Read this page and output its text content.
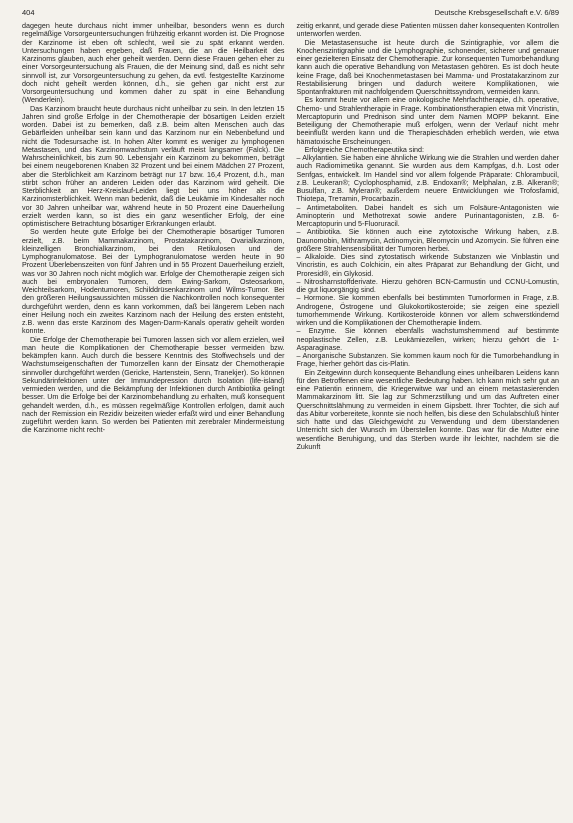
404	Deutsche Krebsgesellschaft e.V. 6/89

dagegen heute durchaus nicht immer unheilbar, besonders wenn es durch regelmäßige Vorsorgeuntersuchungen frühzeitig erkannt worden ist. Die Prognose der Karzinome ist eben oft schlecht, weil sie zu spät erkannt werden. Untersuchungen haben ergeben, daß Frauen, die an die Heilbarkeit des Karzinoms glauben, auch eher geheilt werden. Denn diese Frauen gehen eher zu einer Vorsorgeuntersuchung als Frauen, die der Meinung sind, daß es nicht sehr sinnvoll ist, zur Vorsorgeuntersuchung zu gehen, da evtl. festgestellte Karzinome doch nicht geheilt werden können, d.h., sie gehen gar nicht erst zur Vorsorgeuntersuchung und kommen daher zu spät in eine Behandlung (Wenderlein).

Das Karzinom braucht heute durchaus nicht unheilbar zu sein. In den letzten 15 Jahren sind große Erfolge in der Chemotherapie der bösartigen Leiden erzielt worden. Dabei ist zu bemerken, daß z.B. beim alten Menschen auch das Gebärfleiden unheilbar sein kann und das Karzinom nur ein Nebenbefund und nicht die Todesursache ist. In hohen Alter kommt es weniger zu lymphogenen Metastasen, und das Karzinomwachstum verläuft meist langsamer (Falck). Die Wahrscheinlichkeit, bis zum 90. Lebensjahr ein Karzinom zu bekommen, beträgt bei einem neugeborenen Knaben 32 Prozent und bei einem Mädchen 27 Prozent, aber die Sterblichkeit am Karzinom beträgt nur 17 bzw. 16,4 Prozent, d.h., man stirbt schon früher an anderen Leiden oder das Karzinom wird geheilt. Die Sterblichkeit an Herz-Kreislauf-Leiden liegt bei uns höher als die Karzinomsterblichkeit. Wenn man bedenkt, daß die Leukämie im Kindesalter noch vor 30 Jahren unheilbar war, während heute in 50 Prozent eine Dauerheilung erzielt werden kann, so ist dies ein ganz wesentlicher Erfolg, der eine optimistischere Betrachtung bösartiger Erkrankungen erlaubt.

So werden heute gute Erfolge bei der Chemotherapie bösartiger Tumoren erzielt, z.B. beim Mammakarzinom, Prostatakarzinom, Ovarialkarzinom, kleinzelligen Bronchialkarzinom, bei den Retikulosen und der Lymphogranulomatose. Bei der Lymphogranulomatose werden heute in 90 Prozent Überlebenszeiten von fünf Jahren und in 55 Prozent Dauerheilung erzielt, was vor 30 Jahren noch nicht möglich war. Erfolge der Chemotherapie zeigen sich auch bei embryonalen Tumoren, dem Ewing-Sarkom, Osteosarkom, Weichteilsarkom, Hodentumoren, Schilddrüsenkarzinom und Wilms-Tumor. Bei den größeren Heilungsaussichten müssen die Nachkontrollen noch konsequenter durchgeführt werden, denn es kann vorkommen, daß bei längerem Leben nach einer Heilung noch ein zweites Karzinom nach der Heilung des ersten entsteht, z.B. wenn das erste Karzinom des Magen-Darm-Kanals operativ geheilt worden konnte.

Die Erfolge der Chemotherapie bei Tumoren lassen sich vor allem erzielen, weil man heute die Komplikationen der Chemotherapie besser vermeiden bzw. bekämpfen kann. Auch durch die bessere Kenntnis des Stoffwechsels und der Wachstumseigenschaften der Tumorzellen kann der Einsatz der Chemotherapie sinnvoller durchgeführt werden (Gericke, Hartenstein, Senn, Tranekjer). So können Sekundärinfektionen unter der Immundepression durch Isolation (life-island) vermieden werden, und die Bekämpfung der Infektionen durch Antibiotika gelingt besser. Um die Erfolge bei der Karzinombehandlung zu erhalten, muß konsequent gehandelt werden, d.h., es müssen regelmäßige Kontrollen erfolgen, damit auch nach der Remission ein Rezidiv beizeiten wieder erfaßt wird und einer Behandlung zugeführt werden kann. So werden bei Patienten mit zerebraler Mindermeistung die Karzinome nicht recht-

zeitig erkannt, und gerade diese Patienten müssen daher konsequenten Kontrollen unterworfen werden.

Die Metastasensuche ist heute durch die Szintigraphie, vor allem die Knochenszintigraphie und die Lymphographie, schonender, sicherer und genauer einer gezielteren Einsatz der Chemotherapie. Zur konsequenten Tumorbehandlung kann auch die operative Behandlung von Metastasen gehören. Es ist doch heute keine Frage, daß bei Knochenmetastasen bei Mamma- und Prostatakarzinom zur Restabilisierung bringen und dadurch weitere Komplikationen, wie Spontanfrakturen mit nachfolgendem Querschnittssyndrom, vermeiden kann.

Es kommt heute vor allem eine onkologische Mehrfachtherapie, d.h. operative, Chemo- und Strahlentherapie in Frage. Kombinationstherapien etwa mit Vincristin, Mercaptopurin und Prednison sind unter dem Namen MOPP bekannt. Eine Beteiligung der Chemotherapie muß erfolgen, wenn der Verlauf nicht mehr beeinflußt werden kann und die Therapieschäden erheblich werden, wie etwa hämatoxische Erscheinungen.

Erfolgreiche Chemotherapeutika sind:

– Alkylantien. Sie haben eine ähnliche Wirkung wie die Strahlen und werden daher auch Radiomimetika genannt. Sie wurden aus dem Kampfgas, d.h. Lost oder Senfgas, entwickelt. Im Handel sind vor allem folgende Präparate: Chlorambucil, z.B. Leukeran®; Cyclophosphamid, z.B. Endoxan®; Melphalan, z.B. Alkeran®; Busulfan, z.B. Myleran®; außerdem neuere Entwicklungen wie Trofosfamid, Thiotepa, Treтamin, Procarbazin.

– Antimetaboliten. Dabei handelt es sich um Folsäure-Antagonisten wie Aminopterin und Methotrexat sowie andere Purinantagonisten, z.B. 6-Mercaptopurin und 5-Fluoruracil.

– Antibiotika. Sie können auch eine zytotoxische Wirkung haben, z.B. Daunomobin, Mithramycin, Actinomycin, Bleomycin und Azomycin. Sie führen eine größere Strahlensensibilität der Tumoren herbei.

– Alkaloide. Dies sind zytostatisch wirkende Substanzen wie Vinblastin und Vincristin, es auch Colchicin, ein altes Präparat zur Behandlung der Gicht, und Proresid®, ein Glykosid.

– Nitrosharnstoffderivate. Hierzu gehören BCN-Carmustin und CCNU-Lomustin, die gut liquorgängig sind.

– Hormone. Sie kommen ebenfalls bei bestimmten Tumorformen in Frage, z.B. Androgene, Östrogene und Glukokortikosteroide; sie zeigen eine speziell tumorhemmende Wirkung. Kortikosteroide können vor allem schwerstkindernd wirken und die Komplikationen der Chemotherapie lindern.

– Enzyme. Sie können ebenfalls wachstumshemmend auf bestimmte neoplastische Zellen, z.B. Leukämiezellen, wirken; hierzu gehört die 1-Asparaginase.

– Anorganische Substanzen. Sie kommen kaum noch für die Tumorbehandlung in Frage, hierher gehört das cis-Platin.

Ein Zeitgewinn durch konsequente Behandlung eines unheilbaren Leidens kann für den Betroffenen eine wesentliche Bedeutung haben. Ich kann mich sehr gut an eine Patientin erinnern, die Kriegerwitwe war und an einem metastasierenden Mammakarzinom litt. Sie lag zur Schmerzstillung und um das Auftreten einer Querschnittslähmung zu vermeiden in einem Gipsbett. Ihrer Tochter, die sich auf das Abitur vorbereitete, konnte sie noch helfen, bis diese den Schulabschluß hinter sich hatte und das Gleichgewicht zu Verwendung und dem überstandenen Unterricht sich der Wunsch im Überstellen konnte. Das war für die Mutter eine wesentliche Beruhigung, und das Sterben wurde ihr leichter, nachdem sie die Zukunft
